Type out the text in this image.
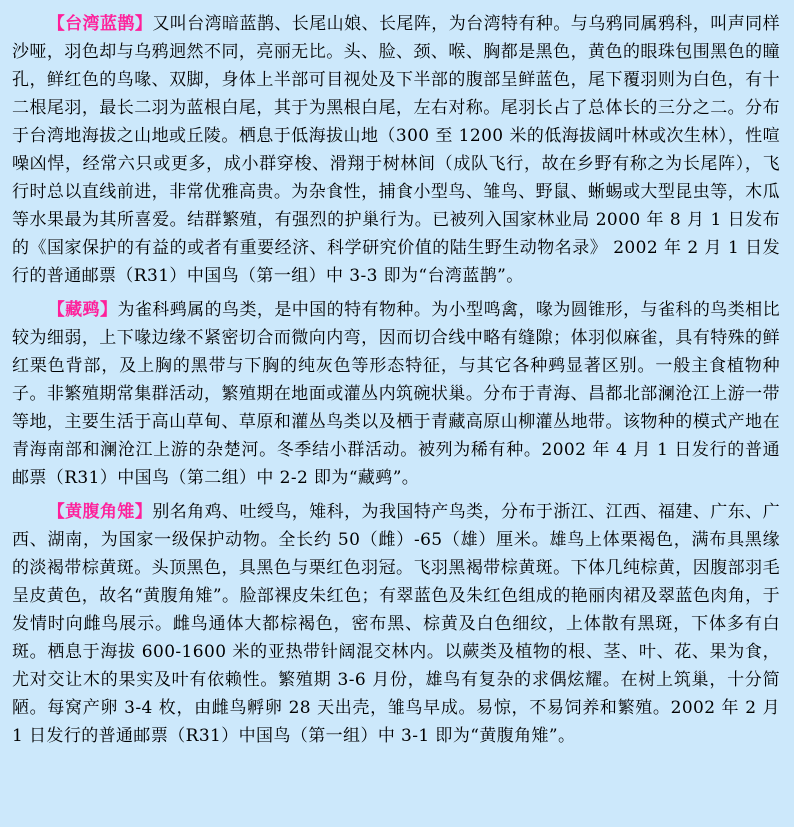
【台湾蓝鹊】又叫台湾暗蓝鹊、长尾山娘、长尾阵，为台湾特有种。与乌鸦同属鸦科，叫声同样沙哑，羽色却与乌鸦迥然不同，亮丽无比。头、脸、颈、喉、胸都是黑色，黄色的眼珠包围黑色的瞳孔，鲜红色的鸟喙、双脚，身体上半部可目视处及下半部的腹部呈鲜蓝色，尾下覆羽则为白色，有十二根尾羽，最长二羽为蓝根白尾，其于为黑根白尾，左右对称。尾羽长占了总体长的三分之二。分布于台湾地海拔之山地或丘陵。栖息于低海拔山地（300 至 1200 米的低海拔阔叶林或次生林），性喧噪凶悍，经常六只或更多，成小群穿梭、滑翔于树林间（成队飞行，故在乡野有称之为长尾阵），飞行时总以直线前进，非常优雅高贵。为杂食性，捕食小型鸟、雏鸟、野鼠、蜥蜴或大型昆虫等，木瓜等水果最为其所喜爱。结群繁殖，有强烈的护巢行为。已被列入国家林业局 2000 年 8 月 1 日发布的《国家保护的有益的或者有重要经济、科学研究价值的陆生野生动物名录》 2002 年 2 月 1 日发行的普通邮票（R31）中国鸟（第一组）中 3-3 即为“台湾蓝鹊”。

【藏鹀】为雀科鹀属的鸟类，是中国的特有物种。为小型鸣禽，喙为圆锥形，与雀科的鸟类相比较为细弱，上下喙边缘不紧密切合而微向内弯，因而切合线中略有缝隙；体羽似麻雀，具有特殊的鲜红栗色背部，及上胸的黑带与下胸的纯灰色等形态特征，与其它各种鹀显著区别。一般主食植物种子。非繁殖期常集群活动，繁殖期在地面或灌丛内筑碗状巢。分布于青海、昌都北部澜沧江上游一带等地，主要生活于高山草甸、草原和灌丛鸟类以及栖于青藏高原山柳灌丛地带。该物种的模式产地在青海南部和澜沧江上游的杂楚河。冬季结小群活动。被列为稀有种。2002 年 4 月 1 日发行的普通邮票（R31）中国鸟（第二组）中 2-2 即为“藏鹀”。

【黄腹角雉】别名角鸡、吐绶鸟，雉科，为我国特产鸟类，分布于浙江、江西、福建、广东、广西、湖南，为国家一级保护动物。全长约 50（雌）-65（雄）厘米。雄鸟上体栗褐色，满布具黑缘的淡褐带棕黄斑。头顶黑色，具黑色与栗红色羽冠。飞羽黑褐带棕黄斑。下体几纯棕黄，因腹部羽毛呈皮黄色，故名“黄腹角雉”。脸部裸皮朱红色；有翠蓝色及朱红色组成的艳丽肉裙及翠蓝色肉角，于发情时向雌鸟展示。雌鸟通体大都棕褐色，密布黑、棕黄及白色细纹，上体散有黑斑，下体多有白斑。栖息于海拔 600-1600 米的亚热带针阔混交林内。以蕨类及植物的根、茎、叶、花、果为食，尤对交让木的果实及叶有依赖性。繁殖期 3-6 月份，雄鸟有复杂的求偶炫耀。在树上筑巢，十分简陋。每窝产卵 3-4 枚，由雌鸟孵卵 28 天出壳，雏鸟早成。易惊，不易饲养和繁殖。2002 年 2 月 1 日发行的普通邮票（R31）中国鸟（第一组）中 3-1 即为“黄腹角雉”。
